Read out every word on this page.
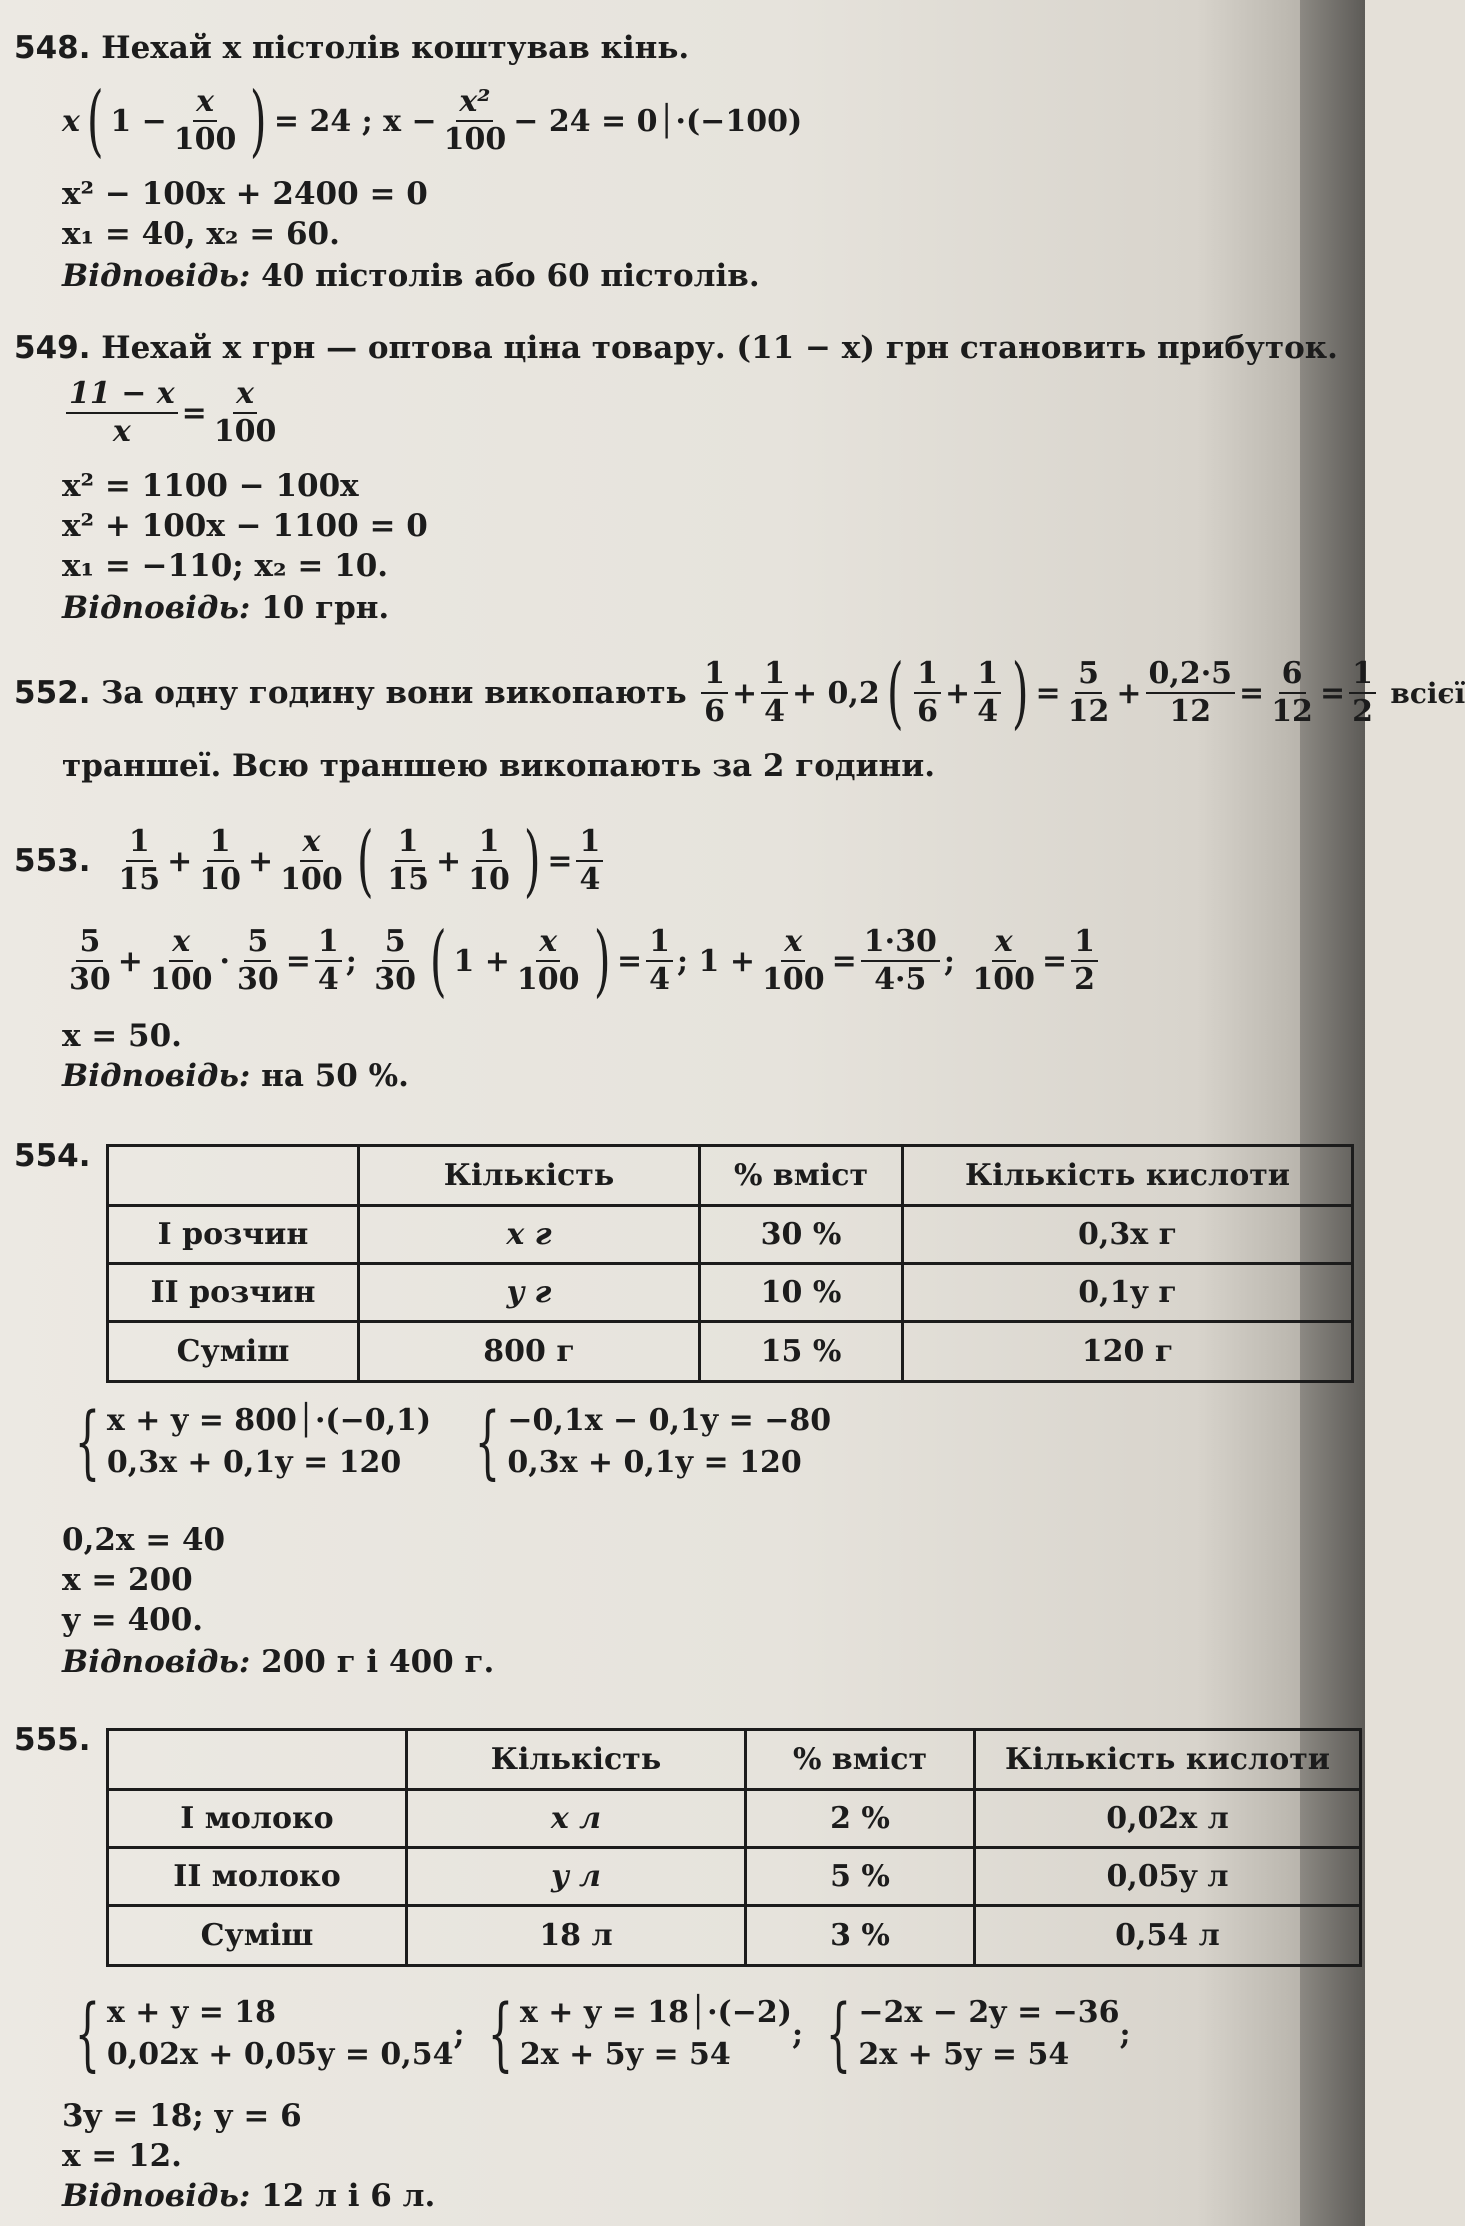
548. Нехай x пістолів коштував кінь.
x ( $1 - \frac{x}{100}$ ) = 24 ; $x - \frac{\text{x²}}{100} - 24$ = 0│·(−100)
x² − 100x + 2400 = 0
x₁ = 40, x₂ = 60.
Відповідь: 40 пістолів або 60 пістолів.
549. Нехай x грн — оптова ціна товару. (11 − x) грн становить прибуток.
$\frac{11 - x}{x} = \frac{x}{100}$
x² = 1100 − 100x
x² + 100x − 1100 = 0
x₁ = −110; x₂ = 10.
Відповідь: 10 грн.
552.
За одну годину вони викопають
$\frac{1}{6} + \frac{1}{4} + 0,2$ ( $\frac{1}{6} + \frac{1}{4}$ ) = $\frac{5}{12} + \frac{0,2\cdot 5}{12} = \frac{6}{12} = \frac{1}{2}$
всієї
траншеї. Всю траншею викопають за 2 години.
553.
$\frac{1}{15} + \frac{1}{10} + \frac{x}{100}$ ( $\frac{1}{15} + \frac{1}{10}$ ) = $\frac{1}{4}$
$\frac{5}{30} + \frac{x}{100} \cdot \frac{5}{30} = \frac{1}{4}$ ; $\frac{5}{30}$ ( $1 + \frac{x}{100}$ ) = $\frac{1}{4}$ ; $1 + \frac{x}{100} = \frac{1\cdot 30}{4\cdot 5}$ ; $\frac{x}{100} = \frac{1}{2}$
x = 50.
Відповідь: на 50 %.
554.
	Кількість	% вміст	Кількість кислоти
I розчин	x г	30 %	0,3x г
II розчин	y г	10 %	0,1y г
Суміш	800 г	15 %	120 г
{ x + y = 800│·(−0,1)
0,3x + 0,1y = 120
{ −0,1x − 0,1y = −80
0,3x + 0,1y = 120
0,2x = 40
x = 200
y = 400.
Відповідь: 200 г і 400 г.
555.
	Кількість	% вміст	Кількість кислоти
I молоко	x л	2 %	0,02x л
II молоко	y л	5 %	0,05y л
Суміш	18 л	3 %	0,54 л
{ x + y = 18
0,02x + 0,05y = 0,54
; { x + y = 18│·(−2)
2x + 5y = 54
; { −2x − 2y = −36
2x + 5y = 54
;
3y = 18; y = 6
x = 12.
Відповідь: 12 л і 6 л.
